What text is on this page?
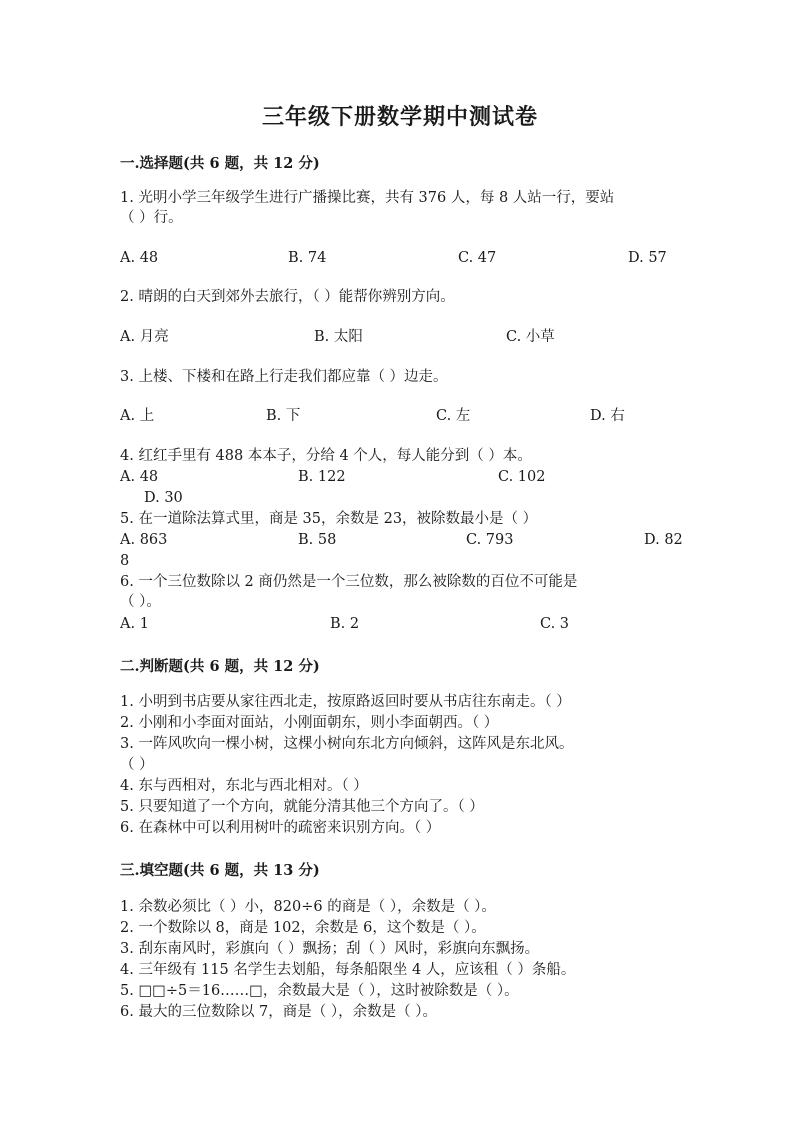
三年级下册数学期中测试卷
一.选择题(共 6 题，共 12 分)
1. 光明小学三年级学生进行广播操比赛，共有 376 人，每 8 人站一行，要站
（ ）行。
A. 48	B. 74	C. 47	D. 57
2. 晴朗的白天到郊外去旅行，（ ）能帮你辨别方向。
A. 月亮	B. 太阳	C. 小草
3. 上楼、下楼和在路上行走我们都应靠（ ）边走。
A. 上	B. 下	C. 左	D. 右
4. 红红手里有 488 本本子，分给 4 个人，每人能分到（ ）本。
A. 48	B. 122	C. 102
D. 30
5. 在一道除法算式里，商是 35，余数是 23，被除数最小是（ ）
A. 863	B. 58	C. 793	D. 82
8
6. 一个三位数除以 2 商仍然是一个三位数，那么被除数的百位不可能是
（ ）。
A. 1	B. 2	C. 3
二.判断题(共 6 题，共 12 分)
1. 小明到书店要从家往西北走，按原路返回时要从书店往东南走。（ ）
2. 小刚和小李面对面站，小刚面朝东，则小李面朝西。（ ）
3. 一阵风吹向一棵小树，这棵小树向东北方向倾斜，这阵风是东北风。
（ ）
4. 东与西相对，东北与西北相对。（ ）
5. 只要知道了一个方向，就能分清其他三个方向了。（ ）
6. 在森林中可以利用树叶的疏密来识别方向。（ ）
三.填空题(共 6 题，共 13 分)
1. 余数必须比（ ）小，820÷6 的商是（ ），余数是（ ）。
2. 一个数除以 8，商是 102，余数是 6，这个数是（ ）。
3. 刮东南风时，彩旗向（ ）飘扬；刮（ ）风时，彩旗向东飘扬。
4. 三年级有 115 名学生去划船，每条船限坐 4 人，应该租（ ）条船。
5. □□÷5＝16……□，余数最大是（ ），这时被除数是（ ）。
6. 最大的三位数除以 7，商是（ ），余数是（ ）。
